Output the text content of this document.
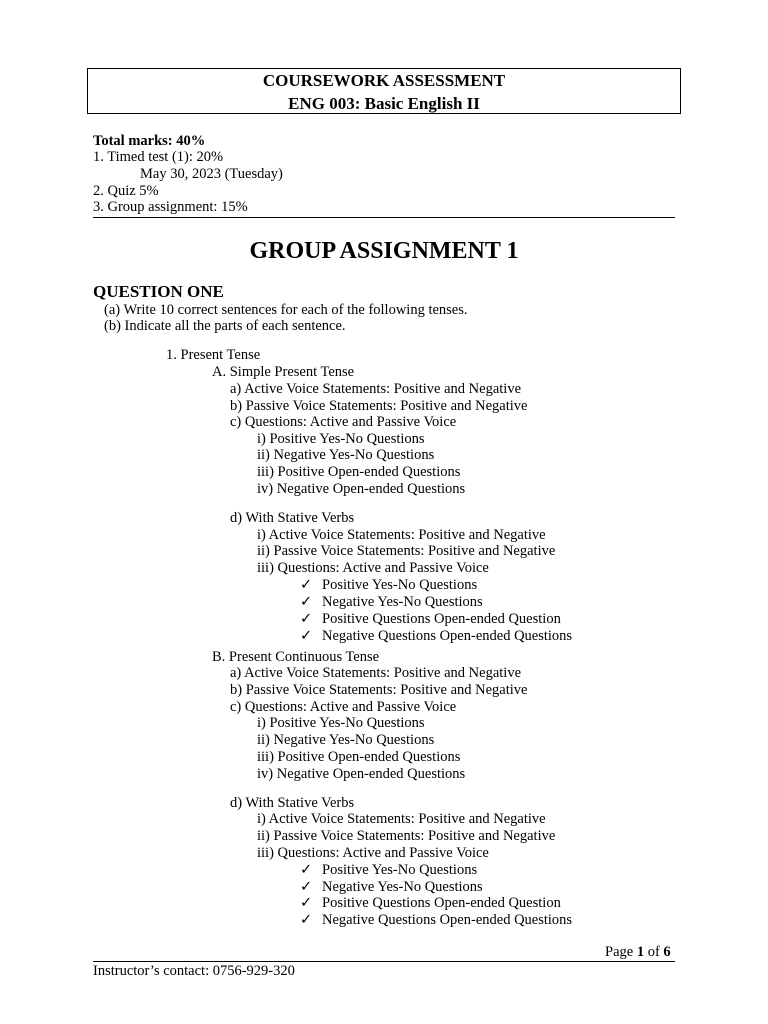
COURSEWORK ASSESSMENT
ENG 003: Basic English II
Total marks: 40%
1. Timed test (1): 20%
May 30, 2023 (Tuesday)
2. Quiz 5%
3. Group assignment: 15%
GROUP ASSIGNMENT 1
QUESTION ONE
(a) Write 10 correct sentences for each of the following tenses.
(b) Indicate all the parts of each sentence.
1. Present Tense
A. Simple Present Tense
a) Active Voice Statements: Positive and Negative
b) Passive Voice Statements: Positive and Negative
c) Questions: Active and Passive Voice
i) Positive Yes-No Questions
ii) Negative Yes-No Questions
iii) Positive Open-ended Questions
iv) Negative Open-ended Questions
d) With Stative Verbs
i) Active Voice Statements: Positive and Negative
ii) Passive Voice Statements: Positive and Negative
iii) Questions: Active and Passive Voice
✓ Positive Yes-No Questions
✓ Negative Yes-No Questions
✓ Positive Questions Open-ended Question
✓ Negative Questions Open-ended Questions
B. Present Continuous Tense
a) Active Voice Statements: Positive and Negative
b) Passive Voice Statements: Positive and Negative
c) Questions: Active and Passive Voice
i) Positive Yes-No Questions
ii) Negative Yes-No Questions
iii) Positive Open-ended Questions
iv) Negative Open-ended Questions
d) With Stative Verbs
i) Active Voice Statements: Positive and Negative
ii) Passive Voice Statements: Positive and Negative
iii) Questions: Active and Passive Voice
✓ Positive Yes-No Questions
✓ Negative Yes-No Questions
✓ Positive Questions Open-ended Question
✓ Negative Questions Open-ended Questions
Page 1 of 6
Instructor’s contact: 0756-929-320
